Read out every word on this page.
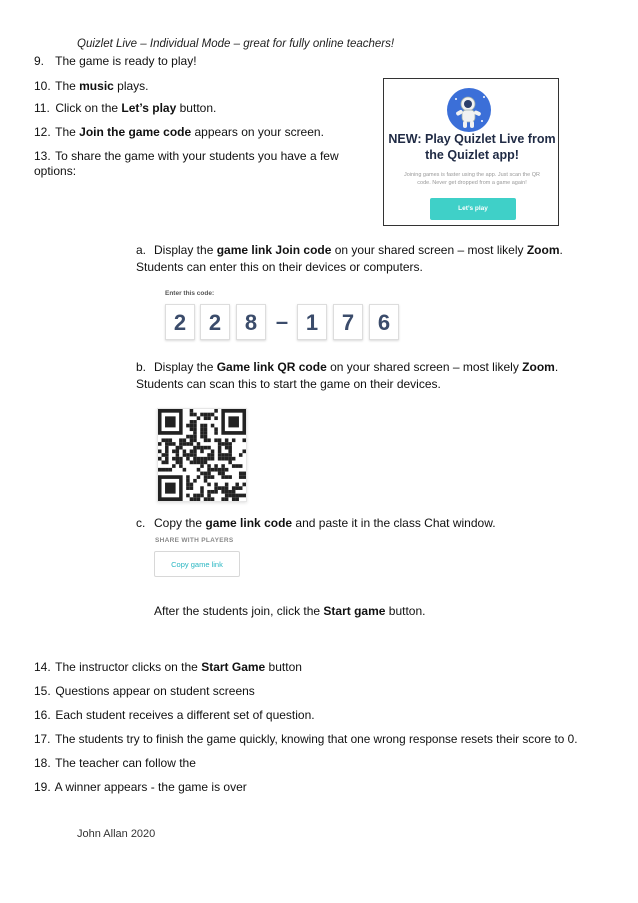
Quizlet Live – Individual Mode – great for fully online teachers!
9. The game is ready to play!
10. The music plays.
11. Click on the Let’s play button.
12. The Join the game code appears on your screen.
13. To share the game with your students you have a few options:
NEW: Play Quizlet Live from the Quizlet app!
Joining games is faster using the app. Just scan the QR code. Never get dropped from a game again!
Let’s play
a. Display the game link Join code on your shared screen – most likely Zoom. Students can enter this on their devices or computers.
Enter this code:
2	2	8 – 1	7	6
b. Display the Game link QR code on your shared screen – most likely Zoom. Students can scan this to start the game on their devices.
c. Copy the game link code and paste it in the class Chat window.
SHARE WITH PLAYERS
Copy game link
After the students join, click the Start game button.
14. The instructor clicks on the Start Game button
15. Questions appear on student screens
16. Each student receives a different set of question.
17. The students try to finish the game quickly, knowing that one wrong response resets their score to 0.
18. The teacher can follow the
19. A winner appears - the game is over
John Allan 2020
